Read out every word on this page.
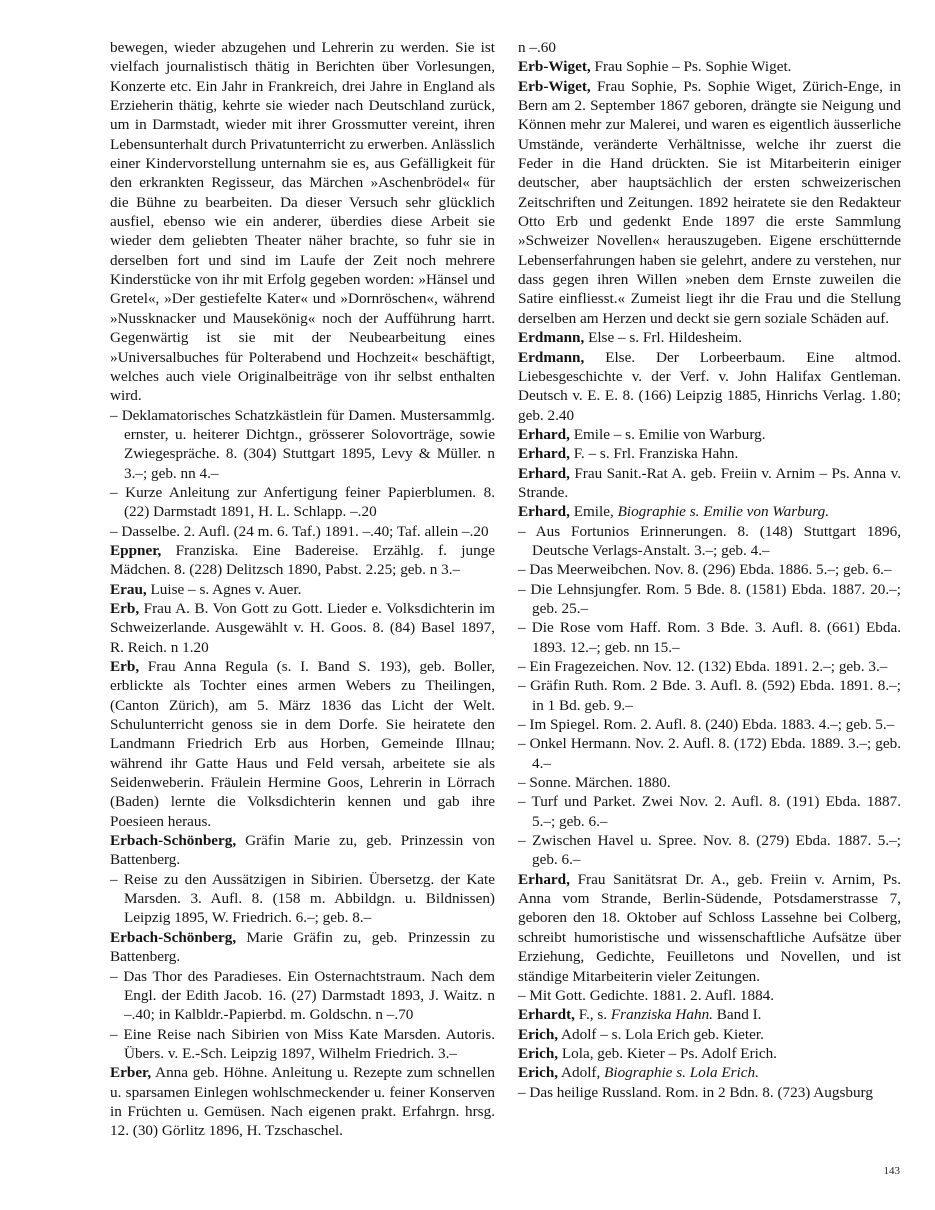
bewegen, wieder abzugehen und Lehrerin zu werden. Sie ist vielfach journalistisch thätig in Berichten über Vorlesungen, Konzerte etc. Ein Jahr in Frankreich, drei Jahre in England als Erzieherin thätig, kehrte sie wieder nach Deutschland zurück, um in Darmstadt, wieder mit ihrer Grossmutter vereint, ihren Lebensunterhalt durch Privatunterricht zu erwerben. Anlässlich einer Kindervorstellung unternahm sie es, aus Gefälligkeit für den erkrankten Regisseur, das Märchen »Aschenbrödel« für die Bühne zu bearbeiten. Da dieser Versuch sehr glücklich ausfiel, ebenso wie ein anderer, überdies diese Arbeit sie wieder dem geliebten Theater näher brachte, so fuhr sie in derselben fort und sind im Laufe der Zeit noch mehrere Kinderstücke von ihr mit Erfolg gegeben worden: »Hänsel und Gretel«, »Der gestiefelte Kater« und »Dornröschen«, während »Nussknacker und Mausekönig« noch der Aufführung harrt. Gegenwärtig ist sie mit der Neubearbeitung eines »Universalbuches für Polterabend und Hochzeit« beschäftigt, welches auch viele Originalbeiträge von ihr selbst enthalten wird.
– Deklamatorisches Schatzkästlein für Damen. Mustersammlg. ernster, u. heiterer Dichtgn., grösserer Solovorträge, sowie Zwiegespräche. 8. (304) Stuttgart 1895, Levy & Müller. n 3.–; geb. nn 4.–
– Kurze Anleitung zur Anfertigung feiner Papierblumen. 8. (22) Darmstadt 1891, H. L. Schlapp. –.20
– Dasselbe. 2. Aufl. (24 m. 6. Taf.) 1891. –.40; Taf. allein –.20
Eppner, Franziska. Eine Badereise. Erzählg. f. junge Mädchen. 8. (228) Delitzsch 1890, Pabst. 2.25; geb. n 3.–
Erau, Luise – s. Agnes v. Auer.
Erb, Frau A. B. Von Gott zu Gott. Lieder e. Volksdichterin im Schweizerlande. Ausgewählt v. H. Goos. 8. (84) Basel 1897, R. Reich. n 1.20
Erb, Frau Anna Regula (s. I. Band S. 193), geb. Boller, erblickte als Tochter eines armen Webers zu Theilingen, (Canton Zürich), am 5. März 1836 das Licht der Welt. Schulunterricht genoss sie in dem Dorfe. Sie heiratete den Landmann Friedrich Erb aus Horben, Gemeinde Illnau; während ihr Gatte Haus und Feld versah, arbeitete sie als Seidenweberin. Fräulein Hermine Goos, Lehrerin in Lörrach (Baden) lernte die Volksdichterin kennen und gab ihre Poesieen heraus.
Erbach-Schönberg, Gräfin Marie zu, geb. Prinzessin von Battenberg.
– Reise zu den Aussätzigen in Sibirien. Übersetzg. der Kate Marsden. 3. Aufl. 8. (158 m. Abbildgn. u. Bildnissen) Leipzig 1895, W. Friedrich. 6.–; geb. 8.–
Erbach-Schönberg, Marie Gräfin zu, geb. Prinzessin zu Battenberg.
– Das Thor des Paradieses. Ein Osternachtstraum. Nach dem Engl. der Edith Jacob. 16. (27) Darmstadt 1893, J. Waitz. n –.40; in Kalbldr.-Papierbd. m. Goldschn. n –.70
– Eine Reise nach Sibirien von Miss Kate Marsden. Autoris. Übers. v. E.-Sch. Leipzig 1897, Wilhelm Friedrich. 3.–
Erber, Anna geb. Höhne. Anleitung u. Rezepte zum schnellen u. sparsamen Einlegen wohlschmeckender u. feiner Konserven in Früchten u. Gemüsen. Nach eigenen prakt. Erfahrgn. hrsg. 12. (30) Görlitz 1896, H. Tzschaschel.
n –.60
Erb-Wiget, Frau Sophie – Ps. Sophie Wiget.
Erb-Wiget, Frau Sophie, Ps. Sophie Wiget, Zürich-Enge, in Bern am 2. September 1867 geboren, drängte sie Neigung und Können mehr zur Malerei, und waren es eigentlich äusserliche Umstände, veränderte Verhältnisse, welche ihr zuerst die Feder in die Hand drückten. Sie ist Mitarbeiterin einiger deutscher, aber hauptsächlich der ersten schweizerischen Zeitschriften und Zeitungen. 1892 heiratete sie den Redakteur Otto Erb und gedenkt Ende 1897 die erste Sammlung »Schweizer Novellen« herauszugeben. Eigene erschütternde Lebenserfahrungen haben sie gelehrt, andere zu verstehen, nur dass gegen ihren Willen »neben dem Ernste zuweilen die Satire einfliesst.« Zumeist liegt ihr die Frau und die Stellung derselben am Herzen und deckt sie gern soziale Schäden auf.
Erdmann, Else – s. Frl. Hildesheim.
Erdmann, Else. Der Lorbeerbaum. Eine altmod. Liebesgeschichte v. der Verf. v. John Halifax Gentleman. Deutsch v. E. E. 8. (166) Leipzig 1885, Hinrichs Verlag. 1.80; geb. 2.40
Erhard, Emile – s. Emilie von Warburg.
Erhard, F. – s. Frl. Franziska Hahn.
Erhard, Frau Sanit.-Rat A. geb. Freiin v. Arnim – Ps. Anna v. Strande.
Erhard, Emile, Biographie s. Emilie von Warburg.
– Aus Fortunios Erinnerungen. 8. (148) Stuttgart 1896, Deutsche Verlags-Anstalt. 3.–; geb. 4.–
– Das Meerweibchen. Nov. 8. (296) Ebda. 1886. 5.–; geb. 6.–
– Die Lehnsjungfer. Rom. 5 Bde. 8. (1581) Ebda. 1887. 20.–; geb. 25.–
– Die Rose vom Haff. Rom. 3 Bde. 3. Aufl. 8. (661) Ebda. 1893. 12.–; geb. nn 15.–
– Ein Fragezeichen. Nov. 12. (132) Ebda. 1891. 2.–; geb. 3.–
– Gräfin Ruth. Rom. 2 Bde. 3. Aufl. 8. (592) Ebda. 1891. 8.–; in 1 Bd. geb. 9.–
– Im Spiegel. Rom. 2. Aufl. 8. (240) Ebda. 1883. 4.–; geb. 5.–
– Onkel Hermann. Nov. 2. Aufl. 8. (172) Ebda. 1889. 3.–; geb. 4.–
– Sonne. Märchen. 1880.
– Turf und Parket. Zwei Nov. 2. Aufl. 8. (191) Ebda. 1887. 5.–; geb. 6.–
– Zwischen Havel u. Spree. Nov. 8. (279) Ebda. 1887. 5.–; geb. 6.–
Erhard, Frau Sanitätsrat Dr. A., geb. Freiin v. Arnim, Ps. Anna vom Strande, Berlin-Südende, Potsdamerstrasse 7, geboren den 18. Oktober auf Schloss Lassehne bei Colberg, schreibt humoristische und wissenschaftliche Aufsätze über Erziehung, Gedichte, Feuilletons und Novellen, und ist ständige Mitarbeiterin vieler Zeitungen.
– Mit Gott. Gedichte. 1881. 2. Aufl. 1884.
Erhardt, F., s. Franziska Hahn. Band I.
Erich, Adolf – s. Lola Erich geb. Kieter.
Erich, Lola, geb. Kieter – Ps. Adolf Erich.
Erich, Adolf, Biographie s. Lola Erich.
– Das heilige Russland. Rom. in 2 Bdn. 8. (723) Augsburg
143
